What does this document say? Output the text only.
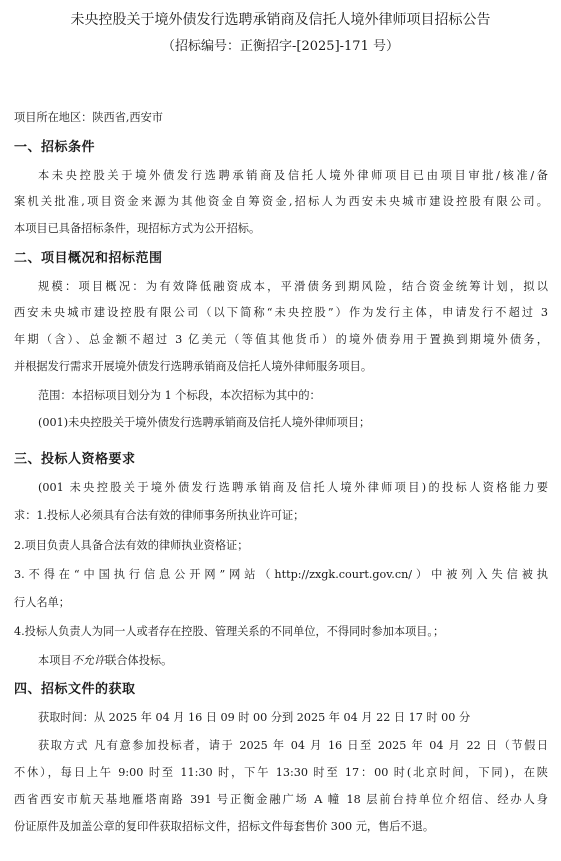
未央控股关于境外债发行选聘承销商及信托人境外律师项目招标公告
（招标编号：正衡招字-[2025]-171 号）
项目所在地区：陕西省,西安市
一、招标条件
本未央控股关于境外债发行选聘承销商及信托人境外律师项目已由项目审批/核准/备
案机关批准,项目资金来源为其他资金自筹资金,招标人为西安未央城市建设控股有限公司。
本项目已具备招标条件，现招标方式为公开招标。
二、项目概况和招标范围
规模：项目概况：为有效降低融资成本，平滑债务到期风险，结合资金统筹计划，拟以
西安未央城市建设控股有限公司（以下简称“未央控股”）作为发行主体，申请发行不超过 3
年期（含）、总金额不超过 3 亿美元（等值其他货币）的境外债券用于置换到期境外债务，
并根据发行需求开展境外债发行选聘承销商及信托人境外律师服务项目。
范围：本招标项目划分为 1 个标段，本次招标为其中的：
(001)未央控股关于境外债发行选聘承销商及信托人境外律师项目；
三、投标人资格要求
(001 未央控股关于境外债发行选聘承销商及信托人境外律师项目)的投标人资格能力要
求：1.投标人必须具有合法有效的律师事务所执业许可证；
2.项目负责人具备合法有效的律师执业资格证；
3.不得在“中国执行信息公开网”网站（http://zxgk.court.gov.cn/）中被列入失信被执
行人名单；
4.投标人负责人为同一人或者存在控股、管理关系的不同单位，不得同时参加本项目。；
本项目不允许联合体投标。
四、招标文件的获取
获取时间：从 2025 年 04 月 16 日 09 时 00 分到 2025 年 04 月 22 日 17 时 00 分
获取方式 凡有意参加投标者，请于 2025 年 04 月 16 日至 2025 年 04 月 22 日（节假日
不休），每日上午 9:00 时至 11:30 时，下午 13:30 时至 17：00 时(北京时间，下同)，在陕
西省西安市航天基地雁塔南路 391 号正衡金融广场 A 幢 18 层前台持单位介绍信、经办人身
份证原件及加盖公章的复印件获取招标文件，招标文件每套售价 300 元，售后不退。
